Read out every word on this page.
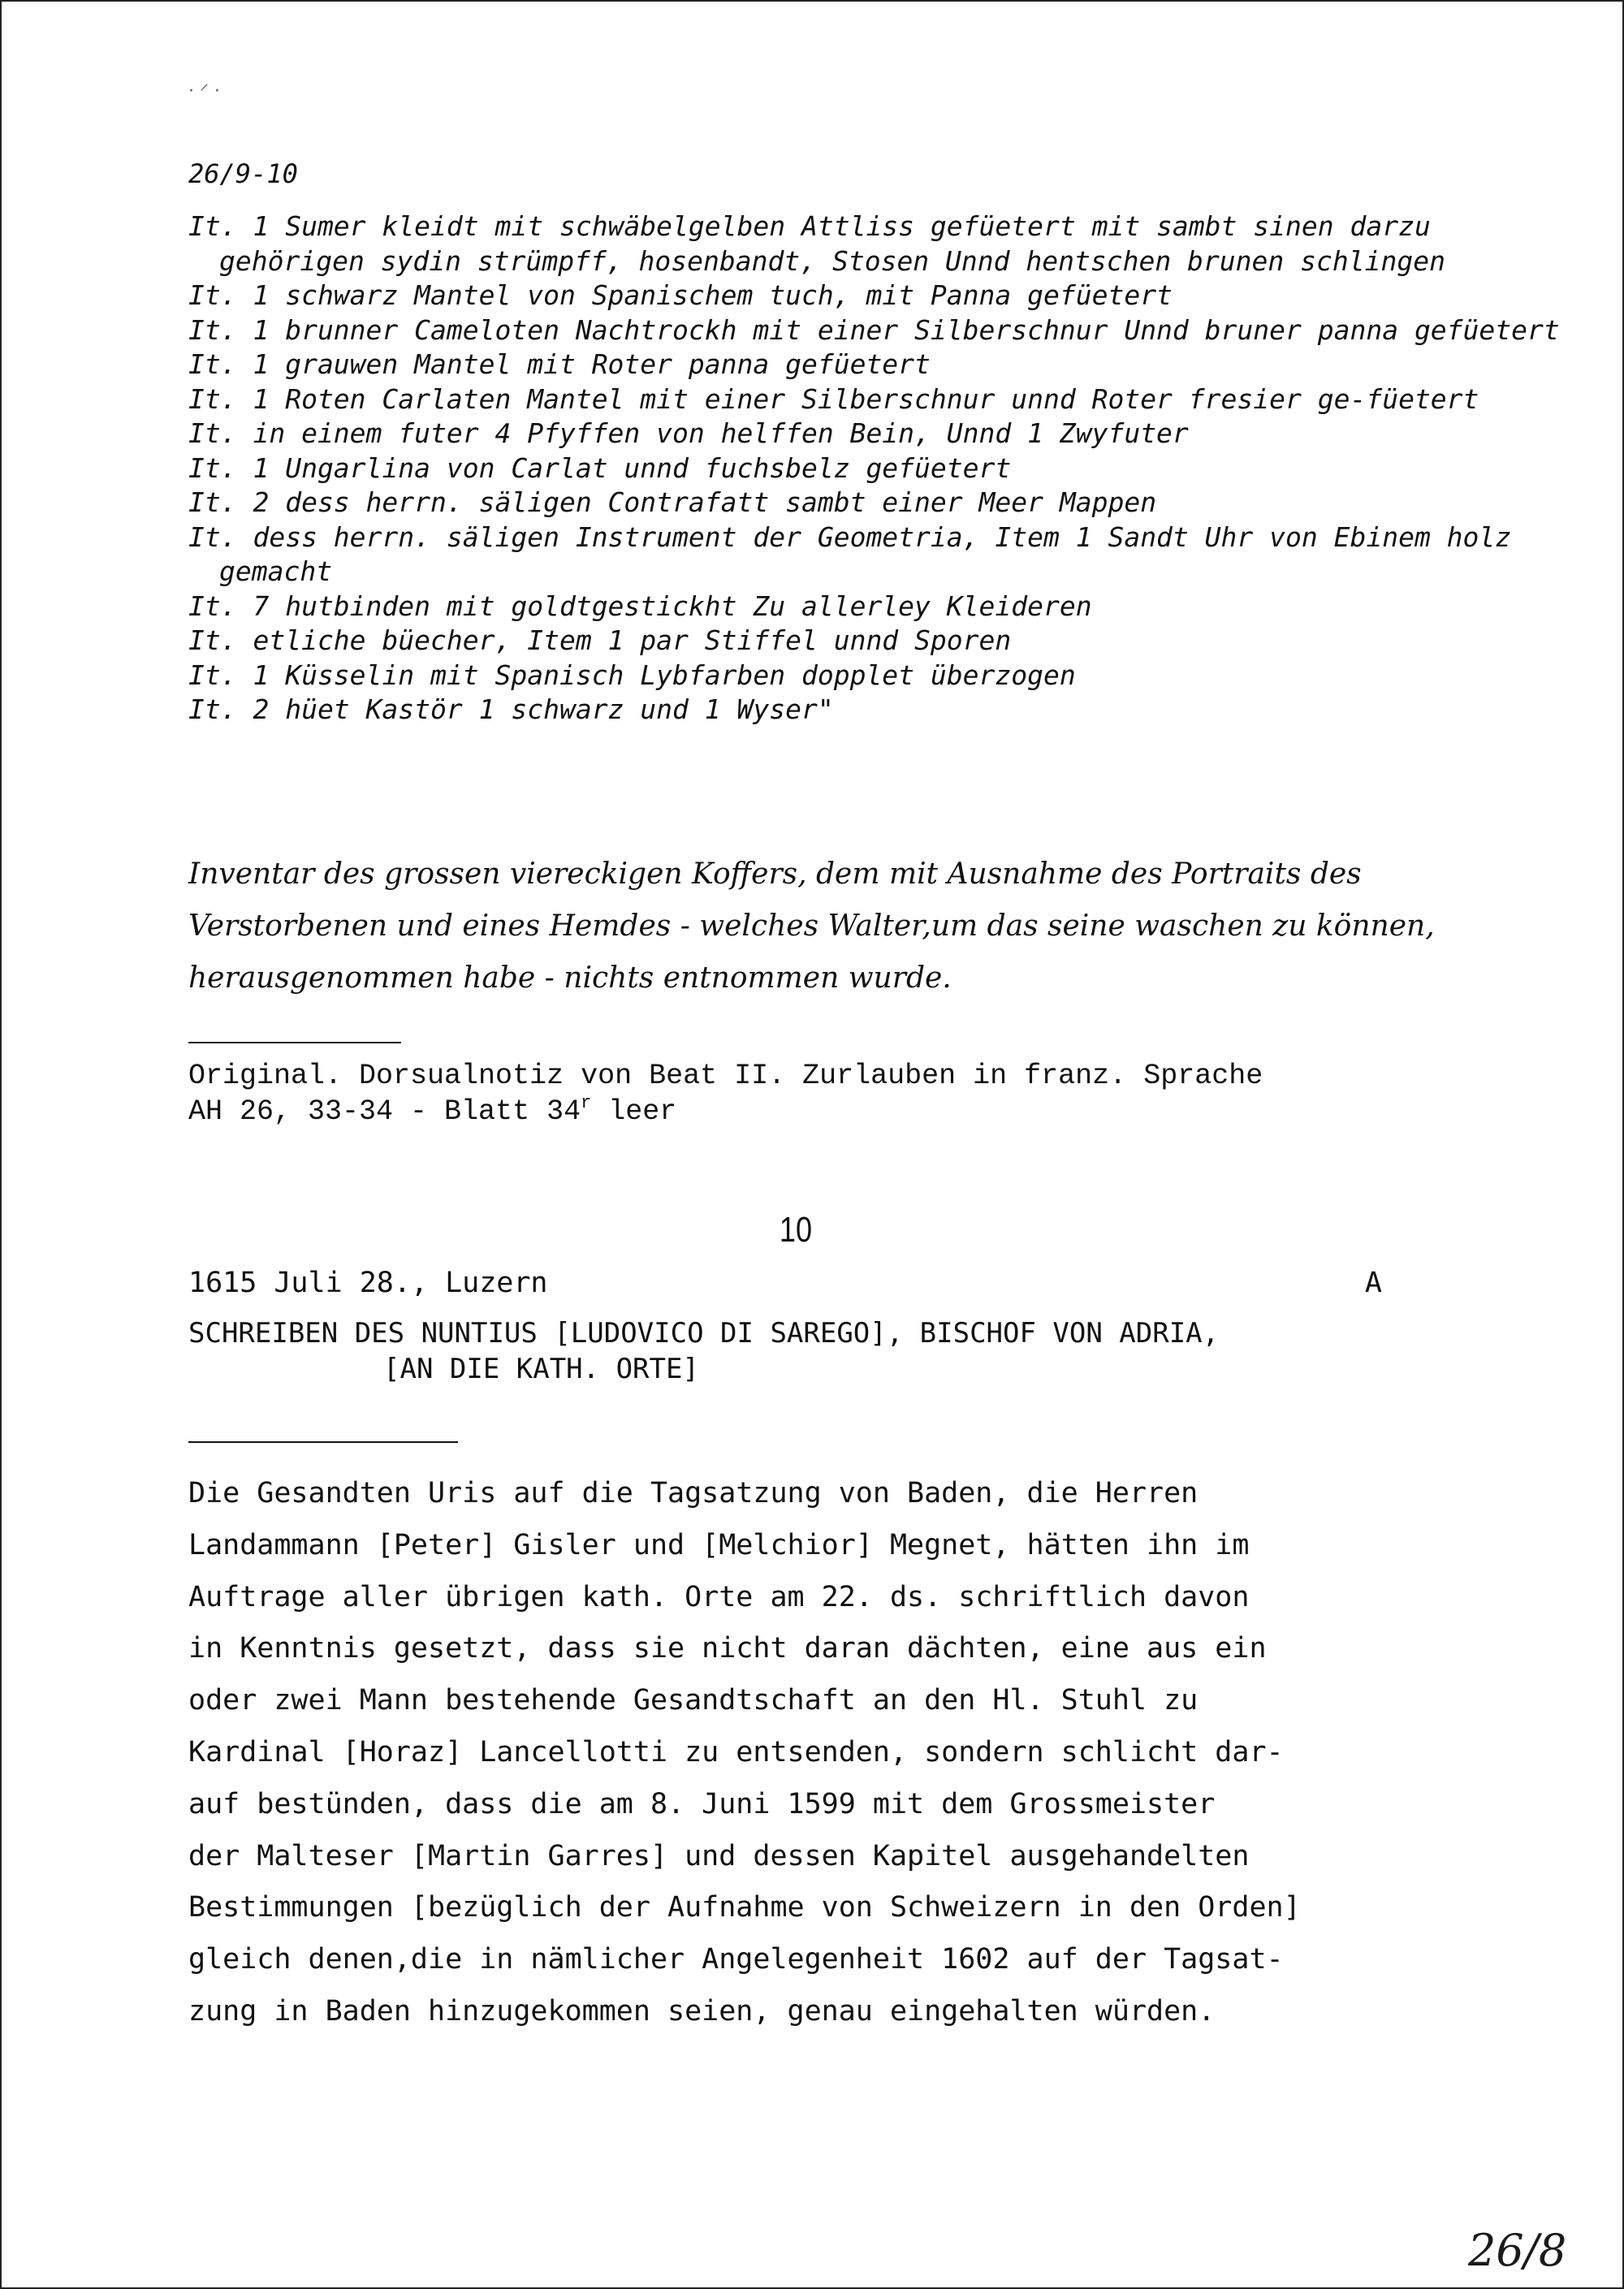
· ⸍ ·
26/9-10
It. 1 Sumer kleidt mit schwäbelgelben Attliss gefüetert mit sambt sinen darzu gehörigen sydin strümpff, hosenbandt, Stosen Unnd hentschen brunen schlingen
It. 1 schwarz Mantel von Spanischem tuch, mit Panna gefüetert
It. 1 brunner Cameloten Nachtrockh mit einer Silberschnur Unnd bruner panna gefüetert
It. 1 grauwen Mantel mit Roter panna gefüetert
It. 1 Roten Carlaten Mantel mit einer Silberschnur unnd Roter fresier ge-füetert
It. in einem futer 4 Pfyffen von helffen Bein, Unnd 1 Zwyfuter
It. 1 Ungarlina von Carlat unnd fuchsbelz gefüetert
It. 2 dess herrn. säligen Contrafatt sambt einer Meer Mappen
It. dess herrn. säligen Instrument der Geometria, Item 1 Sandt Uhr von Ebinem holz gemacht
It. 7 hutbinden mit goldtgestickht Zu allerley Kleideren
It. etliche büecher, Item 1 par Stiffel unnd Sporen
It. 1 Küsselin mit Spanisch Lybfarben dopplet überzogen
It. 2 hüet Kastör 1 schwarz und 1 Wyser"
Inventar des grossen viereckigen Koffers, dem mit Ausnahme des Portraits des Verstorbenen und eines Hemdes - welches Walter,um das seine waschen zu können, herausgenommen habe - nichts entnommen wurde.
Original. Dorsualnotiz von Beat II. Zurlauben in franz. Sprache
AH 26, 33-34 - Blatt 34$^r$ leer
10
1615 Juli 28., Luzern	A
SCHREIBEN DES NUNTIUS [LUDOVICO DI SAREGO], BISCHOF VON ADRIA,
[AN DIE KATH. ORTE]
Die Gesandten Uris auf die Tagsatzung von Baden, die Herren
Landammann [Peter] Gisler und [Melchior] Megnet, hätten ihn im
Auftrage aller übrigen kath. Orte am 22. ds. schriftlich davon
in Kenntnis gesetzt, dass sie nicht daran dächten, eine aus ein
oder zwei Mann bestehende Gesandtschaft an den Hl. Stuhl zu
Kardinal [Horaz] Lancellotti zu entsenden, sondern schlicht dar-
auf bestünden, dass die am 8. Juni 1599 mit dem Grossmeister
der Malteser [Martin Garres] und dessen Kapitel ausgehandelten
Bestimmungen [bezüglich der Aufnahme von Schweizern in den Orden]
gleich denen,die in nämlicher Angelegenheit 1602 auf der Tagsat-
zung in Baden hinzugekommen seien, genau eingehalten würden.
26/8
